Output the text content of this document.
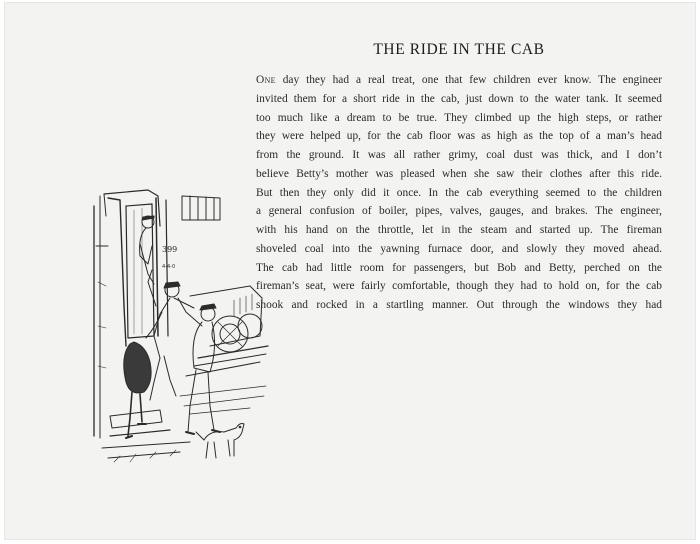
THE RIDE IN THE CAB
One day they had a real treat, one that few children ever know. The engineer
invited them for a short ride in the cab, just down to the water tank. It seemed
too much like a dream to be true. They climbed up the high steps, or rather
they were helped up, for the cab floor was as high as the top of a man’s head
from the ground. It was all rather grimy, coal dust was thick, and I don’t
believe Betty’s mother was pleased when she saw their clothes after this ride.
But then they only did it once. In the cab everything seemed to the children
a general confusion of boiler, pipes, valves, gauges, and brakes. The engineer,
with his hand on the throttle, let in the steam and started up. The fireman
shoveled coal into the yawning furnace door, and slowly they moved ahead.
The cab had little room for passengers, but Bob and Betty, perched on the
fireman’s seat, were fairly comfortable, though they had to hold on, for the cab
shook and rocked in a startling manner. Out through the windows they had
399
4-4-0
